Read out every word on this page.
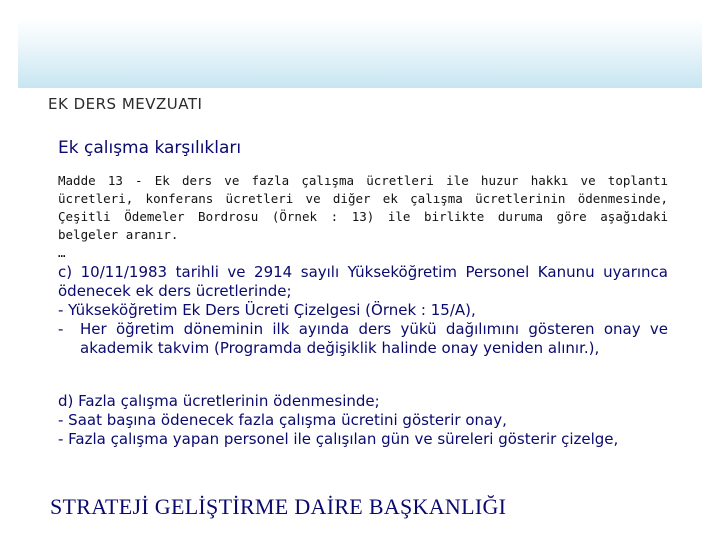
EK DERS MEVZUATI
Ek çalışma karşılıkları

Madde 13 - Ek ders ve fazla çalışma ücretleri ile huzur hakkı ve toplantı ücretleri, konferans ücretleri ve diğer ek çalışma ücretlerinin ödenmesinde, Çeşitli Ödemeler Bordrosu (Örnek : 13) ile birlikte duruma göre aşağıdaki belgeler aranır.

…

c) 10/11/1983 tarihli ve 2914 sayılı Yükseköğretim Personel Kanunu uyarınca ödenecek ek ders ücretlerinde;

- Yükseköğretim Ek Ders Ücreti Çizelgesi (Örnek : 15/A),

-	Her öğretim döneminin ilk ayında ders yükü dağılımını gösteren onay ve akademik takvim (Programda değişiklik halinde onay yeniden alınır.),

d) Fazla çalışma ücretlerinin ödenmesinde;

- Saat başına ödenecek fazla çalışma ücretini gösterir onay,

- Fazla çalışma yapan personel ile çalışılan gün ve süreleri gösterir çizelge,

STRATEJİ GELİŞTİRME DAİRE BAŞKANLIĞI
